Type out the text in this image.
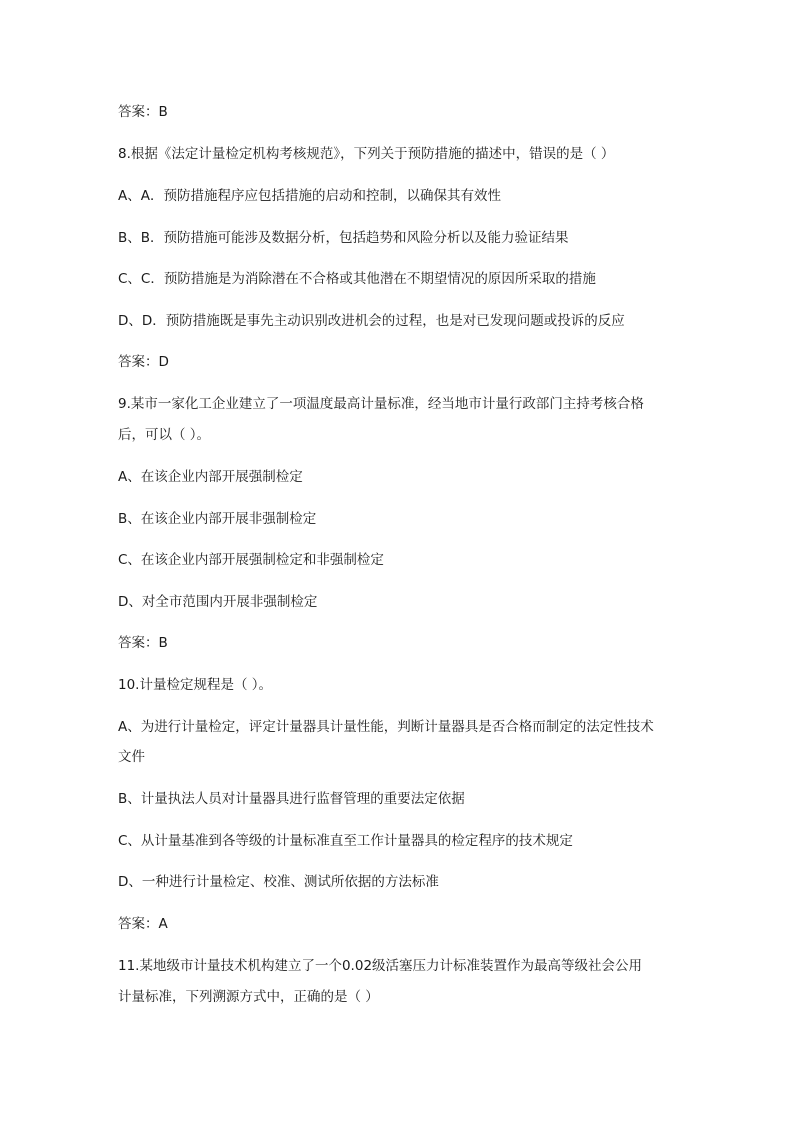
答案：B
8.根据《法定计量检定机构考核规范》，下列关于预防措施的描述中，错误的是（ ）
A、A．预防措施程序应包括措施的启动和控制，以确保其有效性
B、B．预防措施可能涉及数据分析，包括趋势和风险分析以及能力验证结果
C、C．预防措施是为消除潜在不合格或其他潜在不期望情况的原因所采取的措施
D、D．预防措施既是事先主动识别改进机会的过程，也是对已发现问题或投诉的反应
答案：D
9.某市一家化工企业建立了一项温度最高计量标准，经当地市计量行政部门主持考核合格
后，可以（ ）。
A、在该企业内部开展强制检定
B、在该企业内部开展非强制检定
C、在该企业内部开展强制检定和非强制检定
D、对全市范围内开展非强制检定
答案：B
10.计量检定规程是（ ）。
A、为进行计量检定，评定计量器具计量性能，判断计量器具是否合格而制定的法定性技术
文件
B、计量执法人员对计量器具进行监督管理的重要法定依据
C、从计量基准到各等级的计量标准直至工作计量器具的检定程序的技术规定
D、一种进行计量检定、校准、测试所依据的方法标准
答案：A
11.某地级市计量技术机构建立了一个0.02级活塞压力计标准装置作为最高等级社会公用
计量标准，下列溯源方式中，正确的是（ ）
